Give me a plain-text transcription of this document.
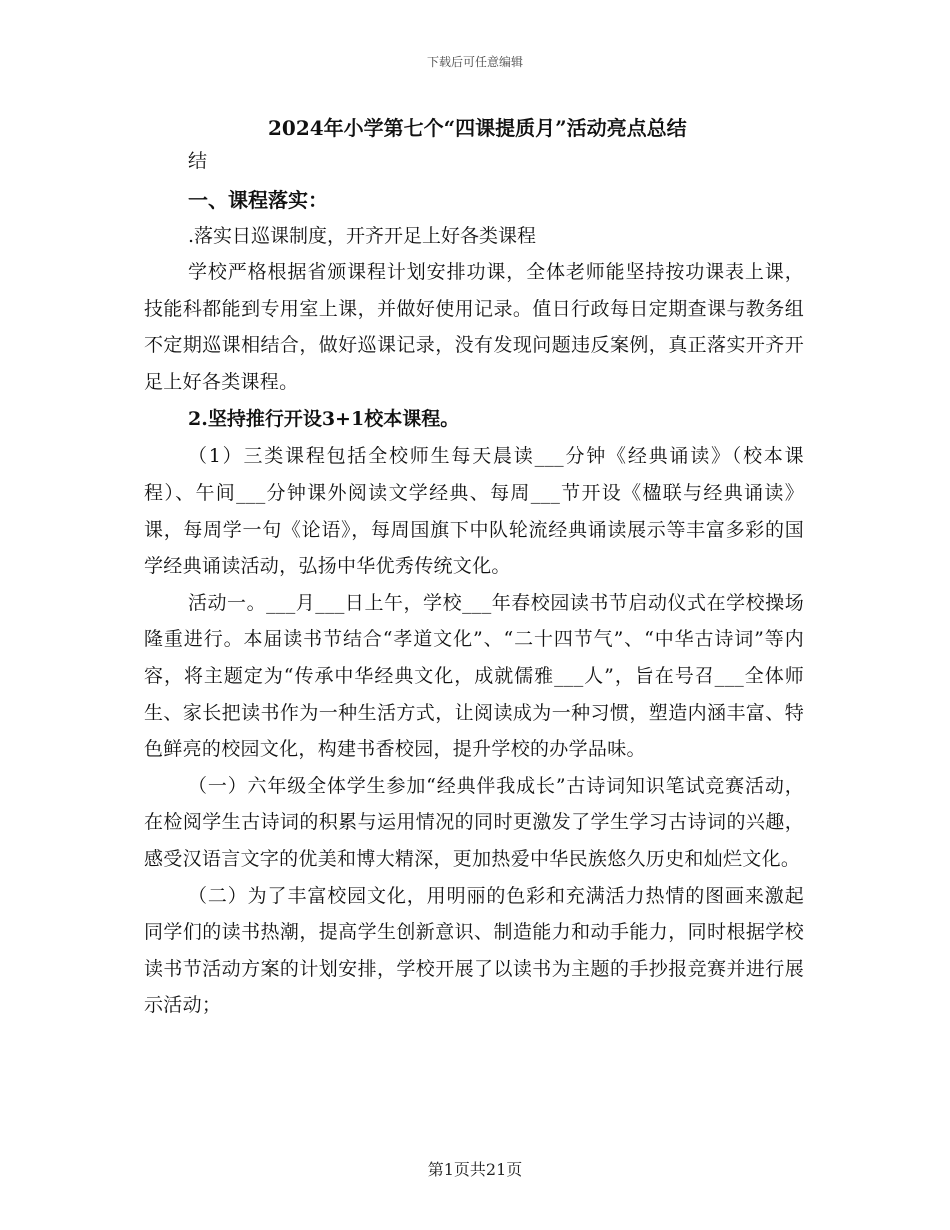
下载后可任意编辑

2024年小学第七个“四课提质月”活动亮点总结

结

一、课程落实：

.落实日巡课制度，开齐开足上好各类课程

学校严格根据省颁课程计划安排功课，全体老师能坚持按功课表上课，技能科都能到专用室上课，并做好使用记录。值日行政每日定期查课与教务组不定期巡课相结合，做好巡课记录，没有发现问题违反案例，真正落实开齐开足上好各类课程。

2.坚持推行开设3+1校本课程。

（1）三类课程包括全校师生每天晨读___分钟《经典诵读》（校本课程）、午间___分钟课外阅读文学经典、每周___节开设《楹联与经典诵读》课，每周学一句《论语》，每周国旗下中队轮流经典诵读展示等丰富多彩的国学经典诵读活动，弘扬中华优秀传统文化。

活动一。___月___日上午，学校___年春校园读书节启动仪式在学校操场隆重进行。本届读书节结合“孝道文化”、“二十四节气”、“中华古诗词”等内容，将主题定为“传承中华经典文化，成就儒雅___人”，旨在号召___全体师生、家长把读书作为一种生活方式，让阅读成为一种习惯，塑造内涵丰富、特色鲜亮的校园文化，构建书香校园，提升学校的办学品味。

（一）六年级全体学生参加“经典伴我成长”古诗词知识笔试竞赛活动，在检阅学生古诗词的积累与运用情况的同时更激发了学生学习古诗词的兴趣，感受汉语言文字的优美和博大精深，更加热爱中华民族悠久历史和灿烂文化。

（二）为了丰富校园文化，用明丽的色彩和充满活力热情的图画来激起同学们的读书热潮，提高学生创新意识、制造能力和动手能力，同时根据学校读书节活动方案的计划安排，学校开展了以读书为主题的手抄报竞赛并进行展示活动；

第1页共21页
